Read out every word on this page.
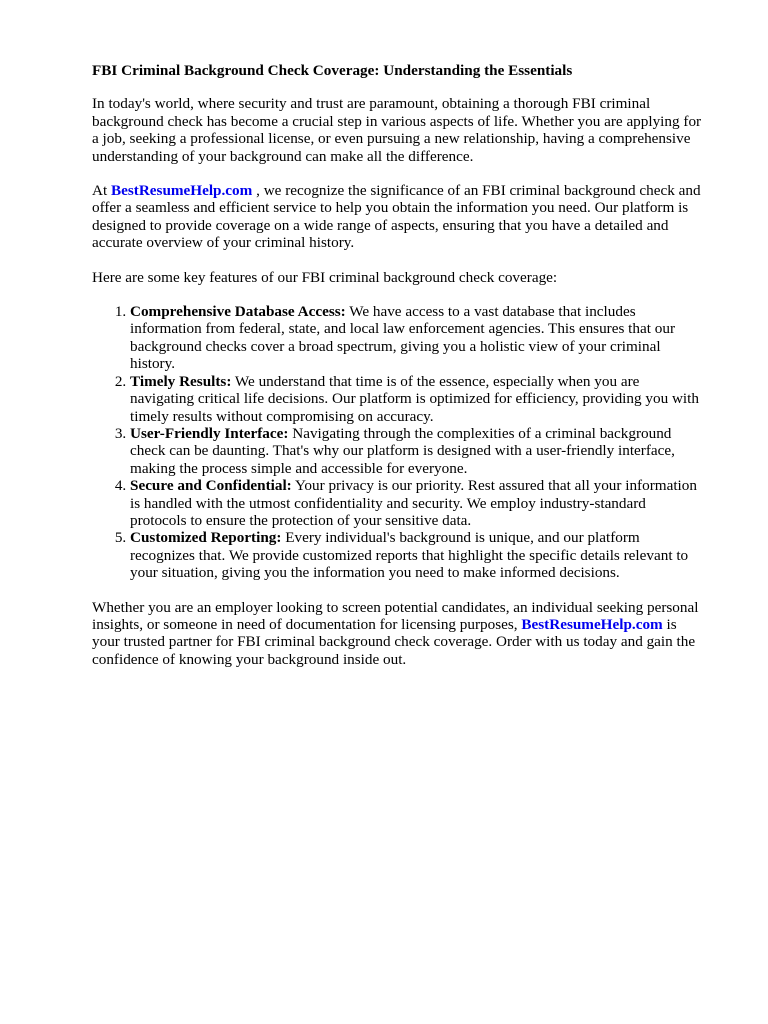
FBI Criminal Background Check Coverage: Understanding the Essentials

In today's world, where security and trust are paramount, obtaining a thorough FBI criminal background check has become a crucial step in various aspects of life. Whether you are applying for a job, seeking a professional license, or even pursuing a new relationship, having a comprehensive understanding of your background can make all the difference.

At BestResumeHelp.com , we recognize the significance of an FBI criminal background check and offer a seamless and efficient service to help you obtain the information you need. Our platform is designed to provide coverage on a wide range of aspects, ensuring that you have a detailed and accurate overview of your criminal history.

Here are some key features of our FBI criminal background check coverage:

1. Comprehensive Database Access: We have access to a vast database that includes information from federal, state, and local law enforcement agencies. This ensures that our background checks cover a broad spectrum, giving you a holistic view of your criminal history.
2. Timely Results: We understand that time is of the essence, especially when you are navigating critical life decisions. Our platform is optimized for efficiency, providing you with timely results without compromising on accuracy.
3. User-Friendly Interface: Navigating through the complexities of a criminal background check can be daunting. That's why our platform is designed with a user-friendly interface, making the process simple and accessible for everyone.
4. Secure and Confidential: Your privacy is our priority. Rest assured that all your information is handled with the utmost confidentiality and security. We employ industry-standard protocols to ensure the protection of your sensitive data.
5. Customized Reporting: Every individual's background is unique, and our platform recognizes that. We provide customized reports that highlight the specific details relevant to your situation, giving you the information you need to make informed decisions.

Whether you are an employer looking to screen potential candidates, an individual seeking personal insights, or someone in need of documentation for licensing purposes, BestResumeHelp.com is your trusted partner for FBI criminal background check coverage. Order with us today and gain the confidence of knowing your background inside out.
